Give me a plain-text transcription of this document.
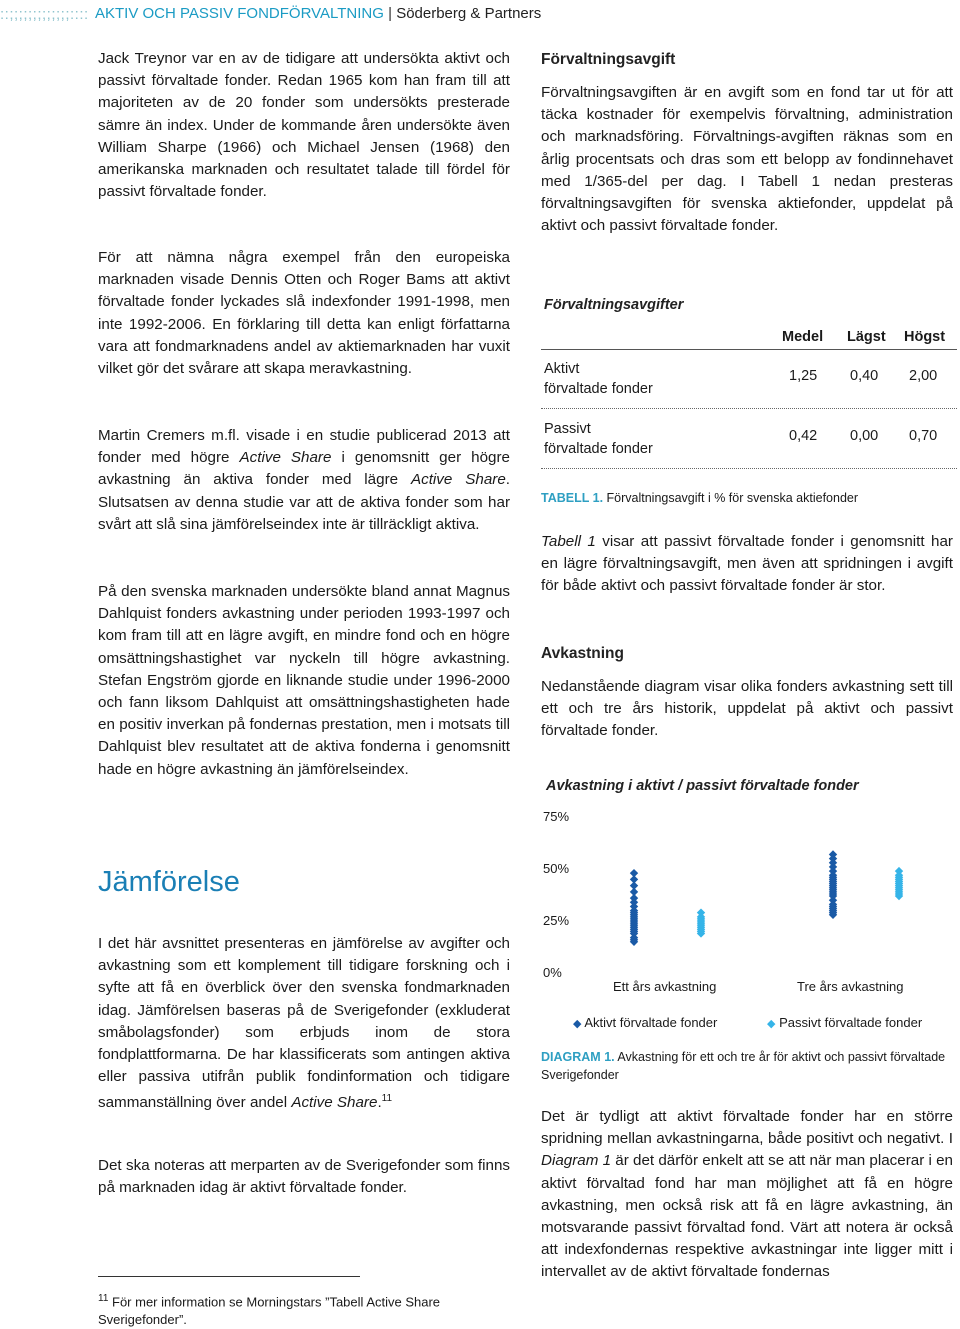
::;;;;;;;;;;;;;:::: AKTIV OCH PASSIV FONDFÖRVALTNING | Söderberg & Partners

Jack Treynor var en av de tidigare att undersökta aktivt och passivt förvaltade fonder. Redan 1965 kom han fram till att majoriteten av de 20 fonder som undersökts presterade sämre än index. Under de kommande åren undersökte även William Sharpe (1966) och Michael Jensen (1968) den amerikanska marknaden och resultatet talade till fördel för passivt förvaltade fonder.

För att nämna några exempel från den europeiska marknaden visade Dennis Otten och Roger Bams att aktivt förvaltade fonder lyckades slå indexfonder 1991-1998, men inte 1992-2006. En förklaring till detta kan enligt författarna vara att fondmarknadens andel av aktiemarknaden har vuxit vilket gör det svårare att skapa meravkastning.

Martin Cremers m.fl. visade i en studie publicerad 2013 att fonder med högre Active Share i genomsnitt ger högre avkastning än aktiva fonder med lägre Active Share. Slutsatsen av denna studie var att de aktiva fonder som har svårt att slå sina jämförelseindex inte är tillräckligt aktiva.

På den svenska marknaden undersökte bland annat Magnus Dahlquist fonders avkastning under perioden 1993-1997 och kom fram till att en lägre avgift, en mindre fond och en högre omsättningshastighet var nyckeln till högre avkastning. Stefan Engström gjorde en liknande studie under 1996-2000 och fann liksom Dahlquist att omsättningshastigheten hade en positiv inverkan på fondernas prestation, men i motsats till Dahlquist blev resultatet att de aktiva fonderna i genomsnitt hade en högre avkastning än jämförelseindex.

I det här avsnittet presenteras en jämförelse av avgifter och avkastning som ett komplement till tidigare forskning och i syfte att få en överblick över den svenska fondmarknaden idag. Jämförelsen baseras på de Sverigefonder (exkluderat småbolagsfonder) som erbjuds inom de stora fondplattformarna. De har klassificerats som antingen aktiva eller passiva utifrån publik fondinformation och tidigare sammanställning över andel Active Share.$^{11}$

Det ska noteras att merparten av de Sverigefonder som finns på marknaden idag är aktivt förvaltade fonder.

Jämförelse
$^{11}$ För mer information se Morningstars ”Tabell Active Share Sverigefonder”.
Förvaltningsavgift

Förvaltningsavgiften är en avgift som en fond tar ut för att täcka kostnader för exempelvis förvaltning, administration och marknadsföring. Förvaltnings-avgiften räknas som en årlig procentsats och dras som ett belopp av fondinnehavet med 1/365-del per dag. I Tabell 1 nedan presteras förvaltningsavgiften för svenska aktiefonder, uppdelat på aktivt och passivt förvaltade fonder.

Förvaltningsavgifter
Medel Lägst Högst
Aktivt
förvaltade fonder
1,25 0,40 2,00
Passivt
förvaltade fonder
0,42 0,00 0,70
TABELL 1. Förvaltningsavgift i % för svenska aktiefonder

Tabell 1 visar att passivt förvaltade fonder i genomsnitt har en lägre förvaltningsavgift, men även att spridningen i avgift för både aktivt och passivt förvaltade fonder är stor.

Avkastning

Nedanstående diagram visar olika fonders avkastning sett till ett och tre års historik, uppdelat på aktivt och passivt förvaltade fonder.

Avkastning i aktivt / passivt förvaltade fonder
75%
50%
25%
0%
Ett års avkastning	Tre års avkastning
◆ Aktivt förvaltade fonder	◆ Passivt förvaltade fonder
DIAGRAM 1. Avkastning för ett och tre år för aktivt och passivt förvaltade Sverigefonder

Det är tydligt att aktivt förvaltade fonder har en större spridning mellan avkastningarna, både positivt och negativt. I Diagram 1 är det därför enkelt att se att när man placerar i en aktivt förvaltad fond har man möjlighet att få en högre avkastning, men också risk att få en lägre avkastning, än motsvarande passivt förvaltad fond. Värt att notera är också att indexfondernas respektive avkastningar inte ligger mitt i intervallet av de aktivt förvaltade fondernas
